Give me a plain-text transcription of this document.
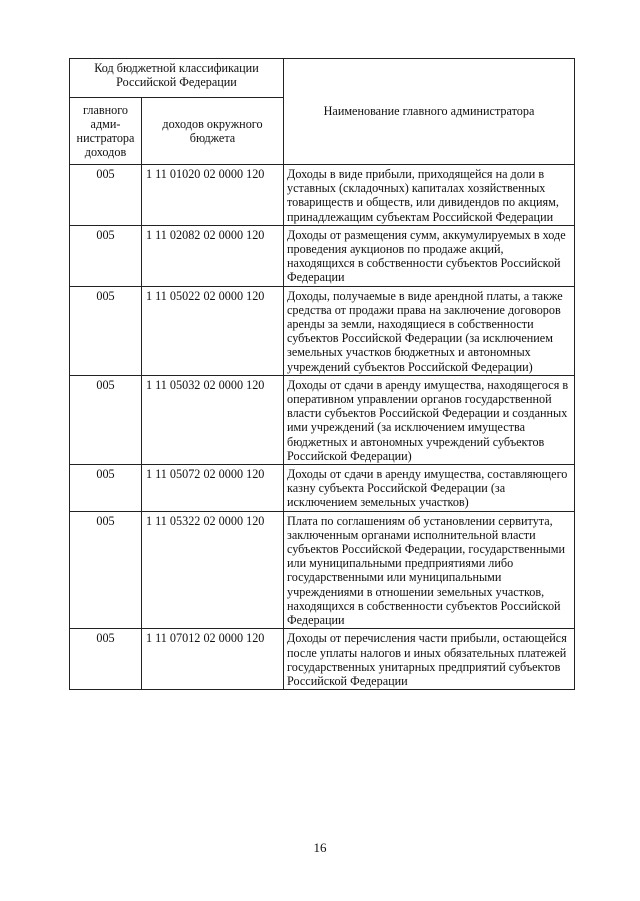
Код бюджетной классификации Российской Федерации		Наименование главного администратора
главного адми-нистратора доходов	доходов окружного бюджета	
005	1 11 01020 02 0000 120	Доходы в виде прибыли, приходящейся на доли в уставных (складочных) капиталах хозяйственных товариществ и обществ, или дивидендов по акциям, принадлежащим субъектам Российской Федерации
005	1 11 02082 02 0000 120	Доходы от размещения сумм, аккумулируемых в ходе проведения аукционов по продаже акций, находящихся в собственности субъектов Российской Федерации
005	1 11 05022 02 0000 120	Доходы, получаемые в виде арендной платы, а также средства от продажи права на заключение договоров аренды за земли, находящиеся в собственности субъектов Российской Федерации (за исключением земельных участков бюджетных и автономных учреждений субъектов Российской Федерации)
005	1 11 05032 02 0000 120	Доходы от сдачи в аренду имущества, находящегося в оперативном управлении органов государственной власти субъектов Российской Федерации и созданных ими учреждений (за исключением имущества бюджетных и автономных учреждений субъектов Российской Федерации)
005	1 11 05072 02 0000 120	Доходы от сдачи в аренду имущества, составляющего казну субъекта Российской Федерации (за исключением земельных участков)
005	1 11 05322 02 0000 120	Плата по соглашениям об установлении сервитута, заключенным органами исполнительной власти субъектов Российской Федерации, государственными или муниципальными предприятиями либо государственными или муниципальными учреждениями в отношении земельных участков, находящихся в собственности субъектов Российской Федерации
005	1 11 07012 02 0000 120	Доходы от перечисления части прибыли, остающейся после уплаты налогов и иных обязательных платежей государственных унитарных предприятий субъектов Российской Федерации
16
